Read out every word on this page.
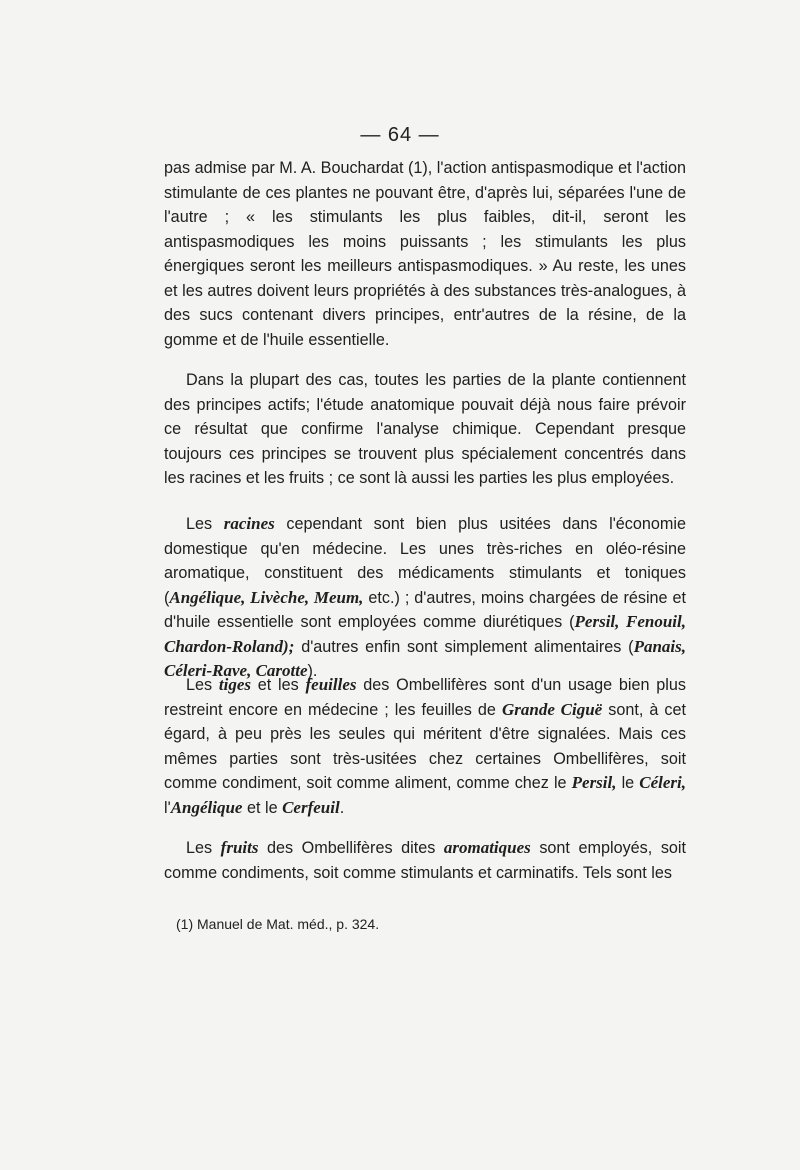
— 64 —

pas admise par M. A. Bouchardat (1), l'action antispasmodique et l'action stimulante de ces plantes ne pouvant être, d'après lui, séparées l'une de l'autre ; « les stimulants les plus faibles, dit-il, seront les antispasmodiques les moins puissants ; les stimulants les plus énergiques seront les meilleurs antispasmodiques. » Au reste, les unes et les autres doivent leurs propriétés à des substances très-analogues, à des sucs contenant divers principes, entr'autres de la résine, de la gomme et de l'huile essentielle.

Dans la plupart des cas, toutes les parties de la plante contiennent des principes actifs; l'étude anatomique pouvait déjà nous faire prévoir ce résultat que confirme l'analyse chimique. Cependant presque toujours ces principes se trouvent plus spécialement concentrés dans les racines et les fruits ; ce sont là aussi les parties les plus employées.

Les racines cependant sont bien plus usitées dans l'économie domestique qu'en médecine. Les unes très-riches en oléo-résine aromatique, constituent des médicaments stimulants et toniques (Angélique, Livèche, Meum, etc.) ; d'autres, moins chargées de résine et d'huile essentielle sont employées comme diurétiques (Persil, Fenouil, Chardon-Roland); d'autres enfin sont simplement alimentaires (Panais, Céleri-Rave, Carotte).

Les tiges et les feuilles des Ombellifères sont d'un usage bien plus restreint encore en médecine ; les feuilles de Grande Ciguë sont, à cet égard, à peu près les seules qui méritent d'être signalées. Mais ces mêmes parties sont très-usitées chez certaines Ombellifères, soit comme condiment, soit comme aliment, comme chez le Persil, le Céleri, l'Angélique et le Cerfeuil.

Les fruits des Ombellifères dites aromatiques sont employés, soit comme condiments, soit comme stimulants et carminatifs. Tels sont les

(1) Manuel de Mat. méd., p. 324.
